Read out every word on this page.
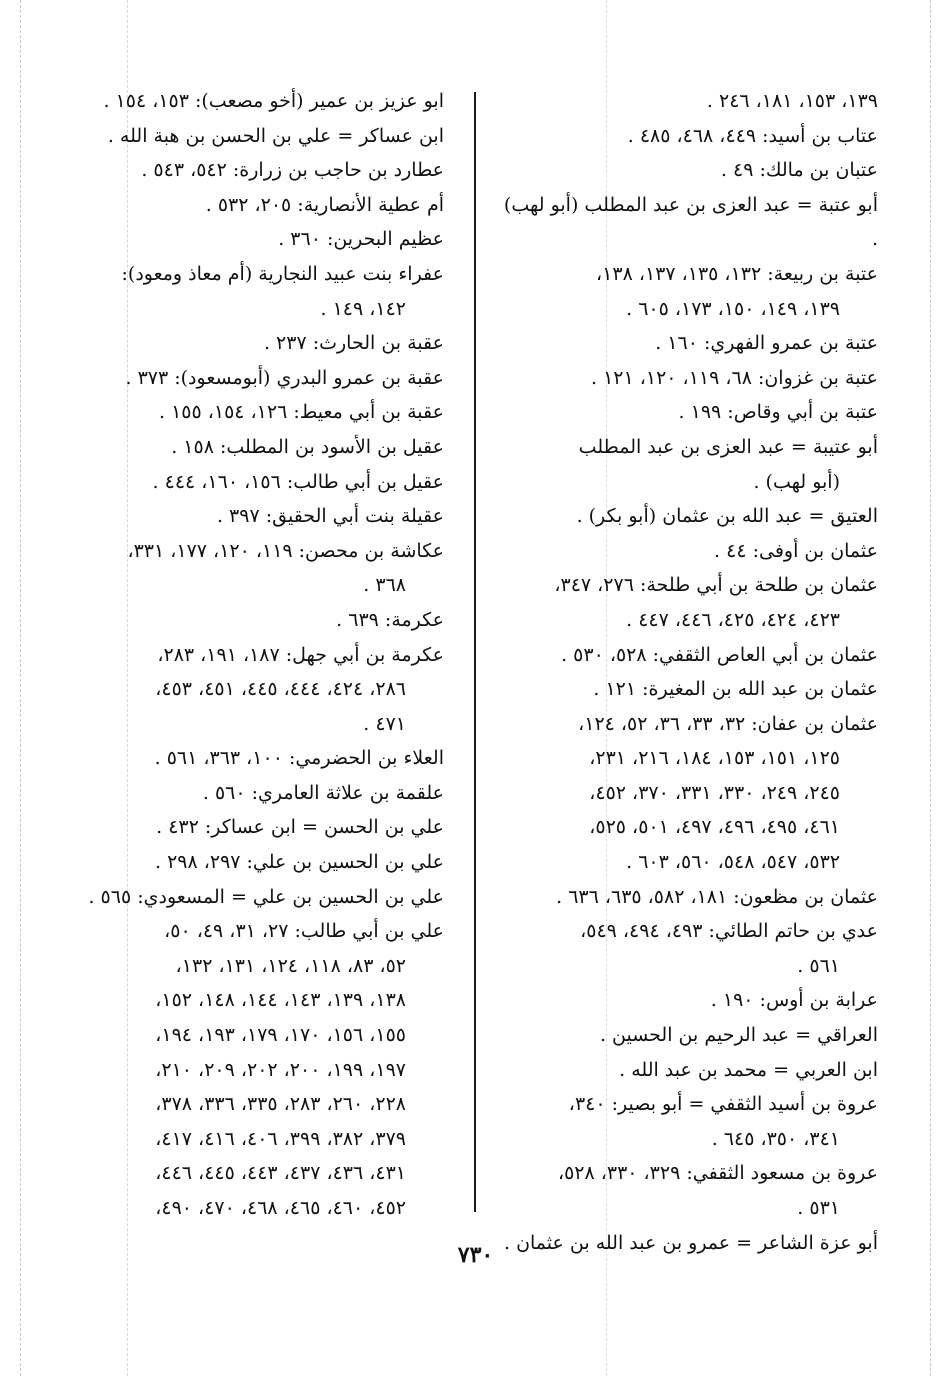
١٣٩، ١٥٣، ١٨١، ٢٤٦ .
عتاب بن أسيد: ٤٤٩، ٤٦٨، ٤٨٥ .
عتبان بن مالك: ٤٩ .
أبو عتبة = عبد العزى بن عبد المطلب (أبو لهب) .
عتبة بن ربيعة: ١٣٢، ١٣٥، ١٣٧، ١٣٨،
١٣٩، ١٤٩، ١٥٠، ١٧٣، ٦٠٥ .
عتبة بن عمرو الفهري: ١٦٠ .
عتبة بن غزوان: ٦٨، ١١٩، ١٢٠، ١٢١ .
عتبة بن أبي وقاص: ١٩٩ .
أبو عتيبة = عبد العزى بن عبد المطلب
(أبو لهب) .
العتيق = عبد الله بن عثمان (أبو بكر) .
عثمان بن أوفى: ٤٤ .
عثمان بن طلحة بن أبي طلحة: ٢٧٦، ٣٤٧،
٤٢٣، ٤٢٤، ٤٢٥، ٤٤٦، ٤٤٧ .
عثمان بن أبي العاص الثقفي: ٥٢٨، ٥٣٠ .
عثمان بن عبد الله بن المغيرة: ١٢١ .
عثمان بن عفان: ٣٢، ٣٣، ٣٦، ٥٢، ١٢٤،
١٢٥، ١٥١، ١٥٣، ١٨٤، ٢١٦، ٢٣١،
٢٤٥، ٢٤٩، ٣٣٠، ٣٣١، ٣٧٠، ٤٥٢،
٤٦١، ٤٩٥، ٤٩٦، ٤٩٧، ٥٠١، ٥٢٥،
٥٣٢، ٥٤٧، ٥٤٨، ٥٦٠، ٦٠٣ .
عثمان بن مظعون: ١٨١، ٥٨٢، ٦٣٥، ٦٣٦ .
عدي بن حاتم الطائي: ٤٩٣، ٤٩٤، ٥٤٩،
٥٦١ .
عرابة بن أوس: ١٩٠ .
العراقي = عبد الرحيم بن الحسين .
ابن العربي = محمد بن عبد الله .
عروة بن أسيد الثقفي = أبو بصير: ٣٤٠،
٣٤١، ٣٥٠، ٦٤٥ .
عروة بن مسعود الثقفي: ٣٢٩، ٣٣٠، ٥٢٨،
٥٣١ .
أبو عزة الشاعر = عمرو بن عبد الله بن عثمان .
ابو عزيز بن عمير (أخو مصعب): ١٥٣، ١٥٤ .
ابن عساكر = علي بن الحسن بن هبة الله .
عطارد بن حاجب بن زرارة: ٥٤٢، ٥٤٣ .
أم عطية الأنصارية: ٢٠٥، ٥٣٢ .
عظيم البحرين: ٣٦٠ .
عفراء بنت عبيد النجارية (أم معاذ ومعود):
١٤٢، ١٤٩ .
عقبة بن الحارث: ٢٣٧ .
عقبة بن عمرو البدري (أبومسعود): ٣٧٣ .
عقبة بن أبي معيط: ١٢٦، ١٥٤، ١٥٥ .
عقيل بن الأسود بن المطلب: ١٥٨ .
عقيل بن أبي طالب: ١٥٦، ١٦٠، ٤٤٤ .
عقيلة بنت أبي الحقيق: ٣٩٧ .
عكاشة بن محصن: ١١٩، ١٢٠، ١٧٧، ٣٣١،
٣٦٨ .
عكرمة: ٦٣٩ .
عكرمة بن أبي جهل: ١٨٧، ١٩١، ٢٨٣،
٢٨٦، ٤٢٤، ٤٤٤، ٤٤٥، ٤٥١، ٤٥٣،
٤٧١ .
العلاء بن الحضرمي: ١٠٠، ٣٦٣، ٥٦١ .
علقمة بن علاثة العامري: ٥٦٠ .
علي بن الحسن = ابن عساكر: ٤٣٢ .
علي بن الحسين بن علي: ٢٩٧، ٢٩٨ .
علي بن الحسين بن علي = المسعودي: ٥٦٥ .
علي بن أبي طالب: ٢٧، ٣١، ٤٩، ٥٠،
٥٢، ٨٣، ١١٨، ١٢٤، ١٣١، ١٣٢،
١٣٨، ١٣٩، ١٤٣، ١٤٤، ١٤٨، ١٥٢،
١٥٥، ١٥٦، ١٧٠، ١٧٩، ١٩٣، ١٩٤،
١٩٧، ١٩٩، ٢٠٠، ٢٠٢، ٢٠٩، ٢١٠،
٢٢٨، ٢٦٠، ٢٨٣، ٣٣٥، ٣٣٦، ٣٧٨،
٣٧٩، ٣٨٢، ٣٩٩، ٤٠٦، ٤١٦، ٤١٧،
٤٣١، ٤٣٦، ٤٣٧، ٤٤٣، ٤٤٥، ٤٤٦،
٤٥٢، ٤٦٠، ٤٦٥، ٤٦٨، ٤٧٠، ٤٩٠،
٧٣٠
